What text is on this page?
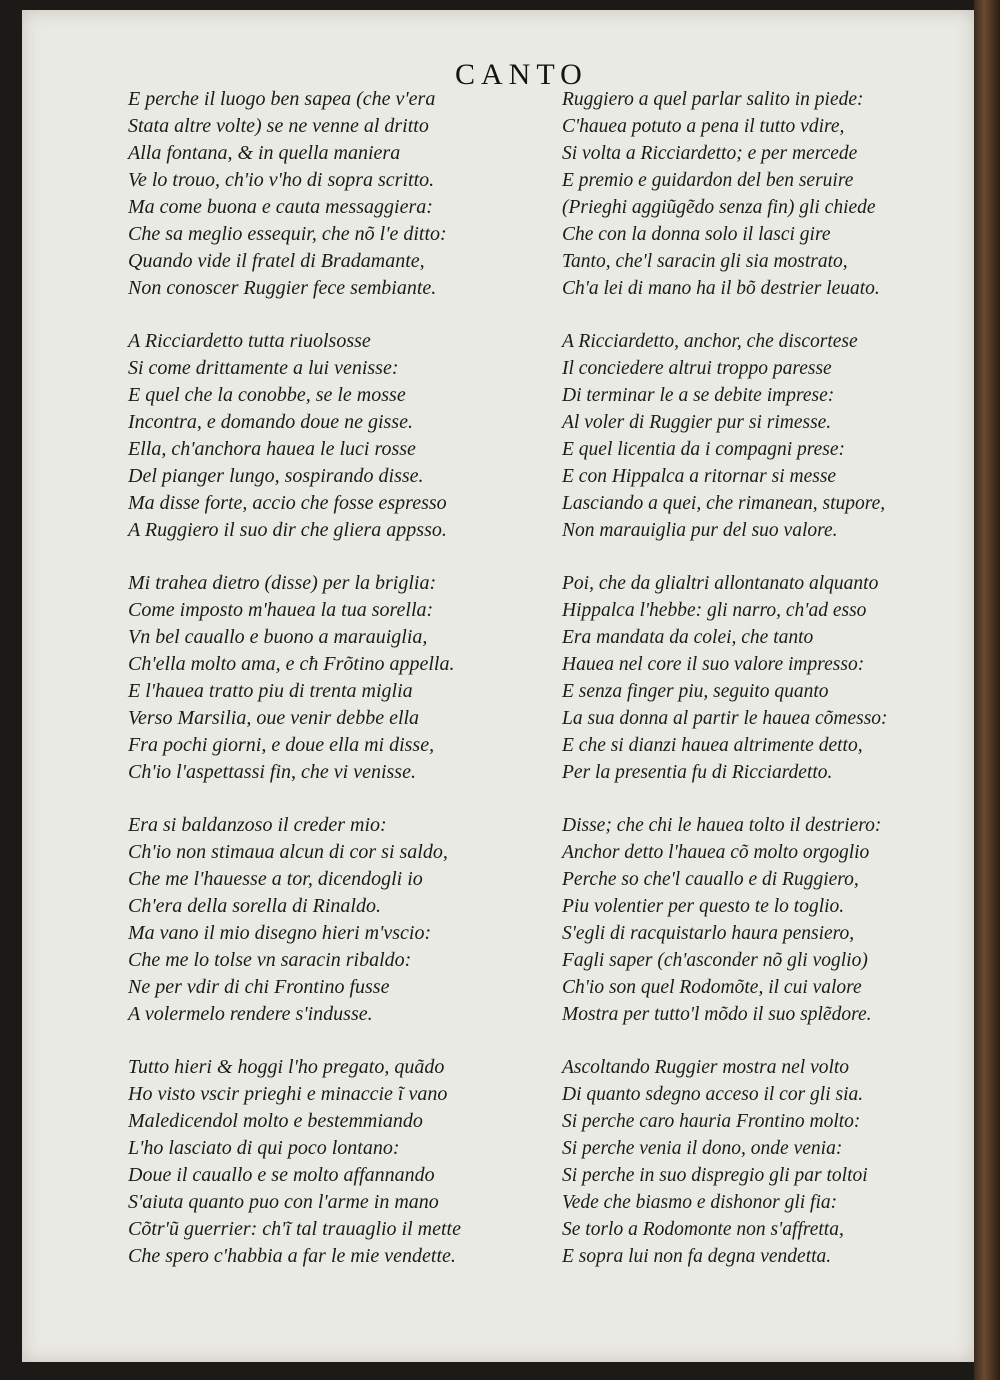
CANTO
E perche il luogo ben sapea (che v'era
Stata altre volte) se ne venne al dritto
Alla fontana, & in quella maniera
Ve lo trouo, ch'io v'ho di sopra scritto.
Ma come buona e cauta messaggiera:
Che sa meglio essequir, che nõ l'e ditto:
Quando vide il fratel di Bradamante,
Non conoscer Ruggier fece sembiante.
A Ricciardetto tutta riuolsosse
Si come drittamente a lui venisse:
E quel che la conobbe, se le mosse
Incontra, e domando doue ne gisse.
Ella, ch'anchora hauea le luci rosse
Del pianger lungo, sospirando disse.
Ma disse forte, accio che fosse espresso
A Ruggiero il suo dir che gliera appsso.
Mi trahea dietro (disse) per la briglia:
Come imposto m'hauea la tua sorella:
Vn bel cauallo e buono a marauiglia,
Ch'ella molto ama, e cħ Frõtino appella.
E l'hauea tratto piu di trenta miglia
Verso Marsilia, oue venir debbe ella
Fra pochi giorni, e doue ella mi disse,
Ch'io l'aspettassi fin, che vi venisse.
Era si baldanzoso il creder mio:
Ch'io non stimaua alcun di cor si saldo,
Che me l'hauesse a tor, dicendogli io
Ch'era della sorella di Rinaldo.
Ma vano il mio disegno hieri m'vscio:
Che me lo tolse vn saracin ribaldo:
Ne per vdir di chi Frontino fusse
A volermelo rendere s'indusse.
Tutto hieri & hoggi l'ho pregato, quãdo
Ho visto vscir prieghi e minaccie ĩ vano
Maledicendol molto e bestemmiando
L'ho lasciato di qui poco lontano:
Doue il cauallo e se molto affannando
S'aiuta quanto puo con l'arme in mano
Cõtr'ũ guerrier: ch'ĩ tal trauaglio il mette
Che spero c'habbia a far le mie vendette.
Ruggiero a quel parlar salito in piede:
C'hauea potuto a pena il tutto vdire,
Si volta a Ricciardetto; e per mercede
E premio e guidardon del ben seruire
(Prieghi aggiũgẽdo senza fin) gli chiede
Che con la donna solo il lasci gire
Tanto, che'l saracin gli sia mostrato,
Ch'a lei di mano ha il bõ destrier leuato.
A Ricciardetto, anchor, che discortese
Il conciedere altrui troppo paresse
Di terminar le a se debite imprese:
Al voler di Ruggier pur si rimesse.
E quel licentia da i compagni prese:
E con Hippalca a ritornar si messe
Lasciando a quei, che rimanean, stupore,
Non marauiglia pur del suo valore.
Poi, che da glialtri allontanato alquanto
Hippalca l'hebbe: gli narro, ch'ad esso
Era mandata da colei, che tanto
Hauea nel core il suo valore impresso:
E senza finger piu, seguito quanto
La sua donna al partir le hauea cõmesso:
E che si dianzi hauea altrimente detto,
Per la presentia fu di Ricciardetto.
Disse; che chi le hauea tolto il destriero:
Anchor detto l'hauea cõ molto orgoglio
Perche so che'l cauallo e di Ruggiero,
Piu volentier per questo te lo toglio.
S'egli di racquistarlo haura pensiero,
Fagli saper (ch'asconder nõ gli voglio)
Ch'io son quel Rodomõte, il cui valore
Mostra per tutto'l mõdo il suo splẽdore.
Ascoltando Ruggier mostra nel volto
Di quanto sdegno acceso il cor gli sia.
Si perche caro hauria Frontino molto:
Si perche venia il dono, onde venia:
Si perche in suo dispregio gli par toltoi
Vede che biasmo e dishonor gli fia:
Se torlo a Rodomonte non s'affretta,
E sopra lui non fa degna vendetta.
